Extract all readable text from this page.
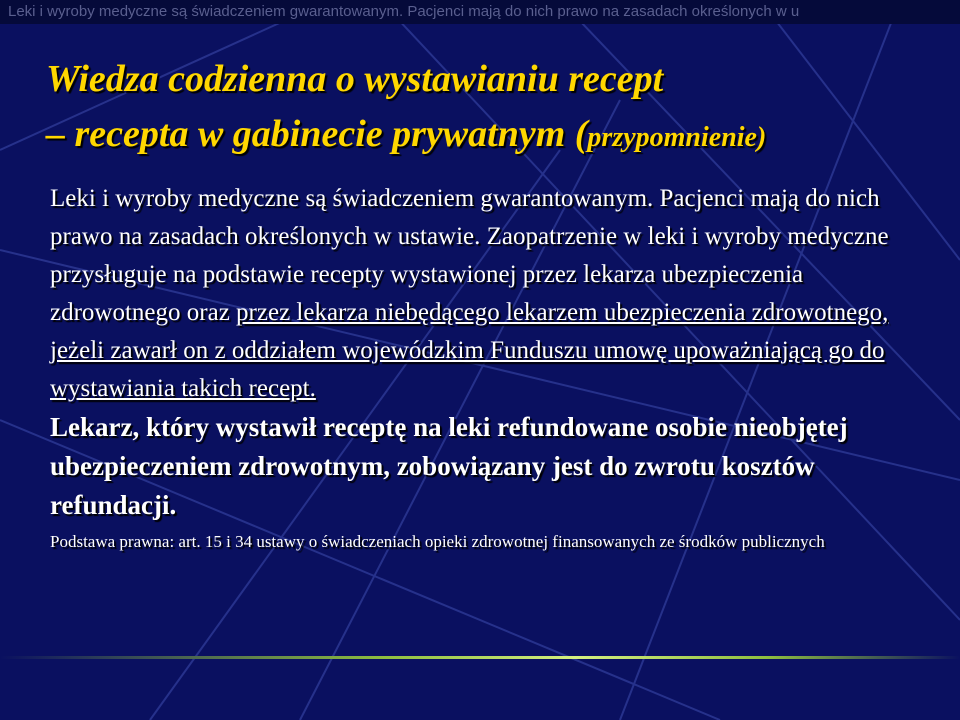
Leki i wyroby medyczne są świadczeniem gwarantowanym. Pacjenci mają do nich prawo na zasadach określonych w u
Wiedza codzienna o wystawianiu recept
– recepta w gabinecie prywatnym (przypomnienie)
Leki i wyroby medyczne są świadczeniem gwarantowanym. Pacjenci mają do nich prawo na zasadach określonych w ustawie. Zaopatrzenie w leki i wyroby medyczne przysługuje na podstawie recepty wystawionej przez lekarza ubezpieczenia zdrowotnego oraz przez lekarza niebędącego lekarzem ubezpieczenia zdrowotnego, jeżeli zawarł on z oddziałem wojewódzkim Funduszu umowę upoważniającą go do wystawiania takich recept.
Lekarz, który wystawił receptę na leki refundowane osobie nieobjętej ubezpieczeniem zdrowotnym, zobowiązany jest do zwrotu kosztów refundacji.
Podstawa prawna: art. 15 i 34 ustawy o świadczeniach opieki zdrowotnej finansowanych ze środków publicznych
